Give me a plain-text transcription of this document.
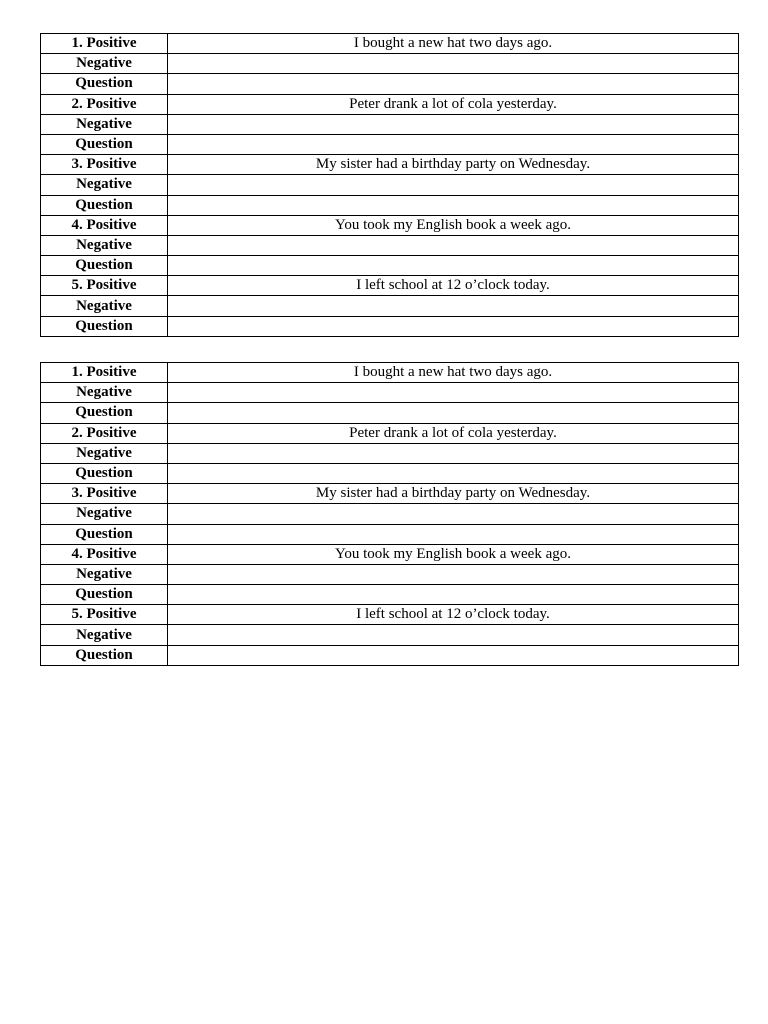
1. Positive	I bought a new hat two days ago.
Negative	
Question	
2. Positive	Peter drank a lot of cola yesterday.
Negative	
Question	
3. Positive	My sister had a birthday party on Wednesday.
Negative	
Question	
4. Positive	You took my English book a week ago.
Negative	
Question	
5. Positive	I left school at 12 o’clock today.
Negative	
Question	
1. Positive	I bought a new hat two days ago.
Negative	
Question	
2. Positive	Peter drank a lot of cola yesterday.
Negative	
Question	
3. Positive	My sister had a birthday party on Wednesday.
Negative	
Question	
4. Positive	You took my English book a week ago.
Negative	
Question	
5. Positive	I left school at 12 o’clock today.
Negative	
Question	
